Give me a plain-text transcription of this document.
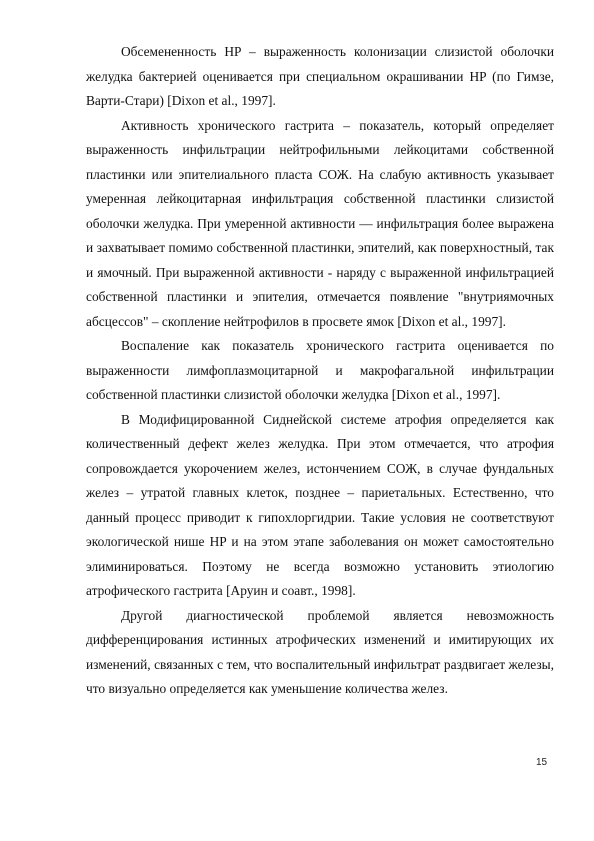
Обсемененность HP – выраженность колонизации слизистой оболочки желудка бактерией оценивается при специальном окрашивании HP (по Гимзе, Варти-Стари) [Dixon et al., 1997].

Активность хронического гастрита – показатель, который определяет выраженность инфильтрации нейтрофильными лейкоцитами собственной пластинки или эпителиального пласта СОЖ. На слабую активность указывает умеренная лейкоцитарная инфильтрация собственной пластинки слизистой оболочки желудка. При умеренной активности — инфильтрация более выражена и захватывает помимо собственной пластинки, эпителий, как поверхностный, так и ямочный. При выраженной активности - наряду с выраженной инфильтрацией собственной пластинки и эпителия, отмечается появление "внутриямочных абсцессов" – скопление нейтрофилов в просвете ямок [Dixon et al., 1997].

Воспаление как показатель хронического гастрита оценивается по выраженности лимфоплазмоцитарной и макрофагальной инфильтрации собственной пластинки слизистой оболочки желудка [Dixon et al., 1997].

В Модифицированной Сиднейской системе атрофия определяется как количественный дефект желез желудка. При этом отмечается, что атрофия сопровождается укорочением желез, истончением СОЖ, в случае фундальных желез – утратой главных клеток, позднее – париетальных. Естественно, что данный процесс приводит к гипохлоргидрии. Такие условия не соответствуют экологической нише HP и на этом этапе заболевания он может самостоятельно элиминироваться. Поэтому не всегда возможно установить этиологию атрофического гастрита [Аруин и соавт., 1998].

Другой диагностической проблемой является невозможность дифференцирования истинных атрофических изменений и имитирующих их изменений, связанных с тем, что воспалительный инфильтрат раздвигает железы, что визуально определяется как уменьшение количества желез.

15
